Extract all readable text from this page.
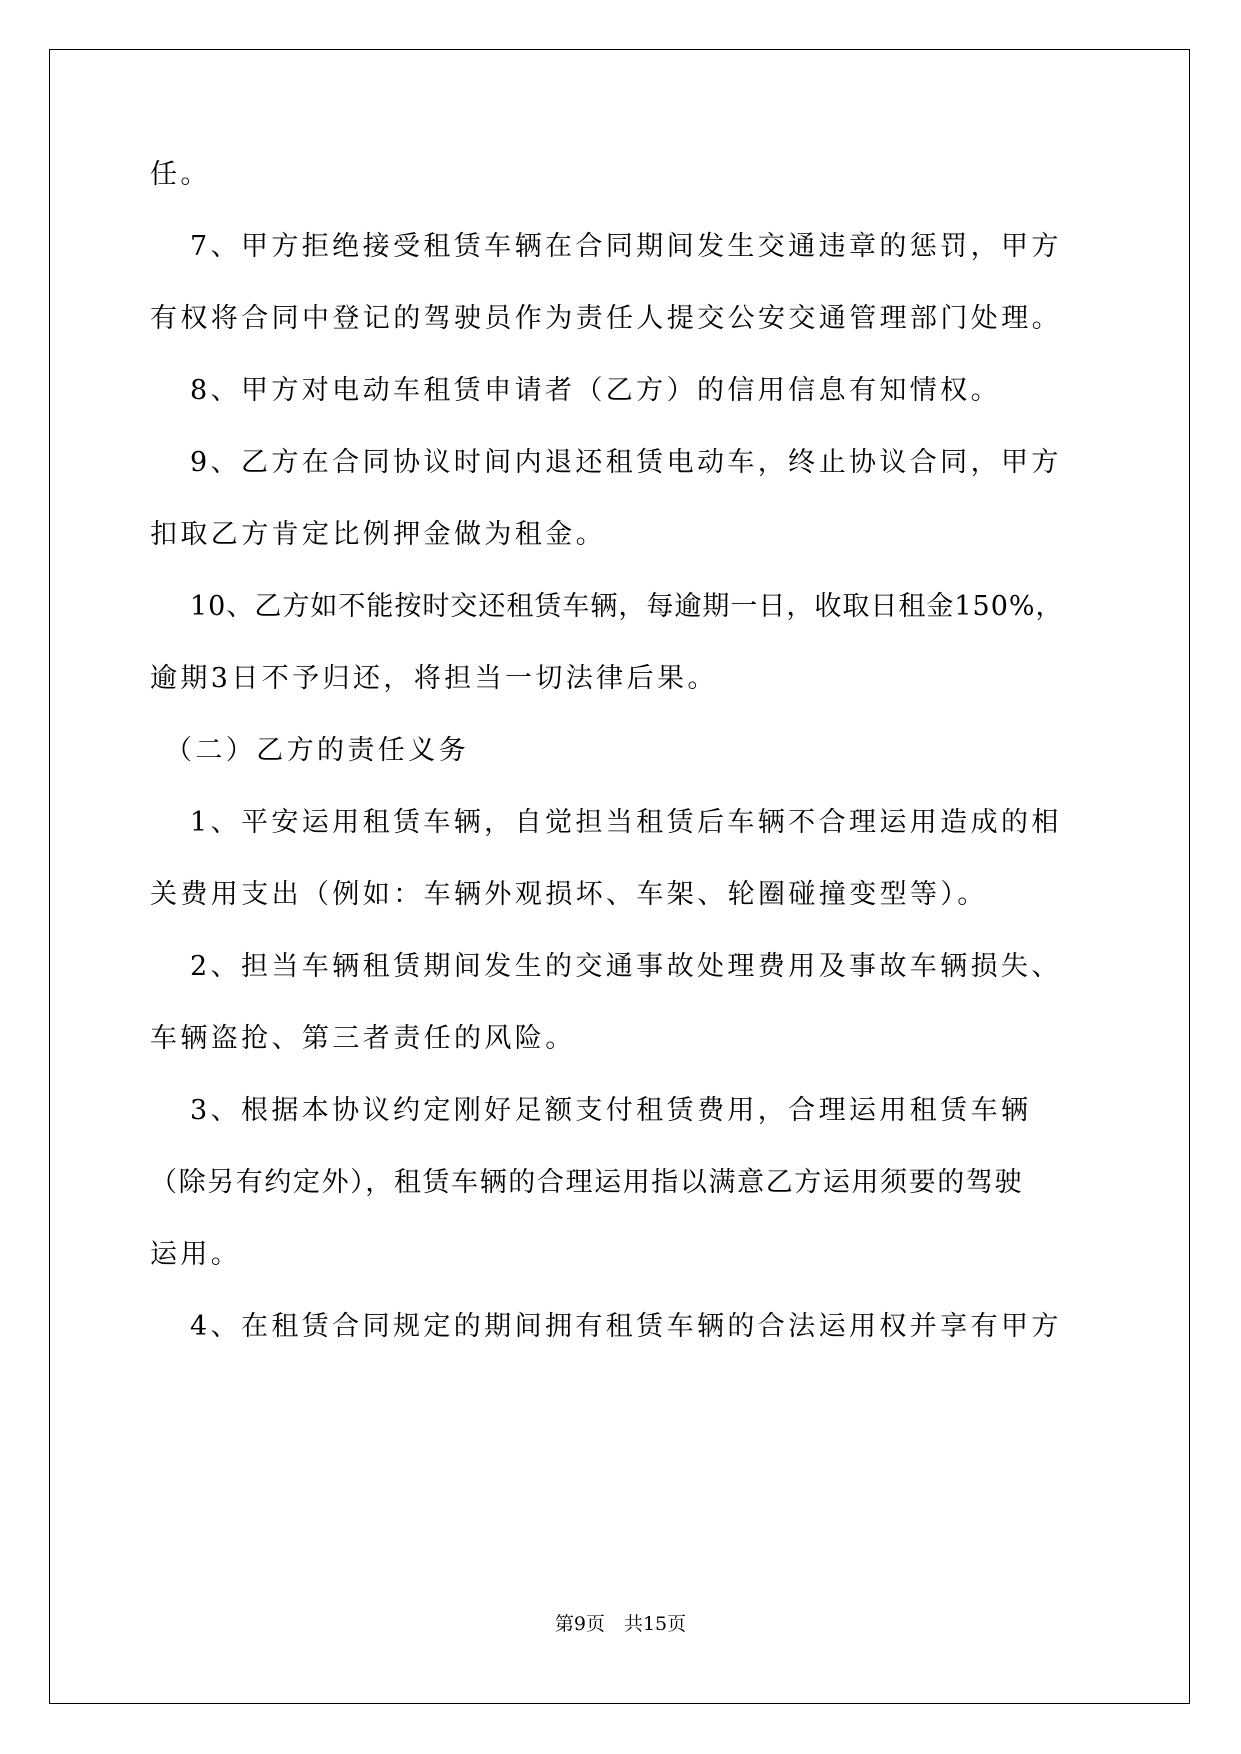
任。
7、甲方拒绝接受租赁车辆在合同期间发生交通违章的惩罚，甲方
有权将合同中登记的驾驶员作为责任人提交公安交通管理部门处理。
8、甲方对电动车租赁申请者（乙方）的信用信息有知情权。
9、乙方在合同协议时间内退还租赁电动车，终止协议合同，甲方
扣取乙方肯定比例押金做为租金。
10、乙方如不能按时交还租赁车辆，每逾期一日，收取日租金150%，
逾期3日不予归还，将担当一切法律后果。
（二）乙方的责任义务
1、平安运用租赁车辆，自觉担当租赁后车辆不合理运用造成的相
关费用支出（例如：车辆外观损坏、车架、轮圈碰撞变型等）。
2、担当车辆租赁期间发生的交通事故处理费用及事故车辆损失、
车辆盗抢、第三者责任的风险。
3、根据本协议约定刚好足额支付租赁费用，合理运用租赁车辆
（除另有约定外），租赁车辆的合理运用指以满意乙方运用须要的驾驶
运用。
4、在租赁合同规定的期间拥有租赁车辆的合法运用权并享有甲方
第9页　共15页
